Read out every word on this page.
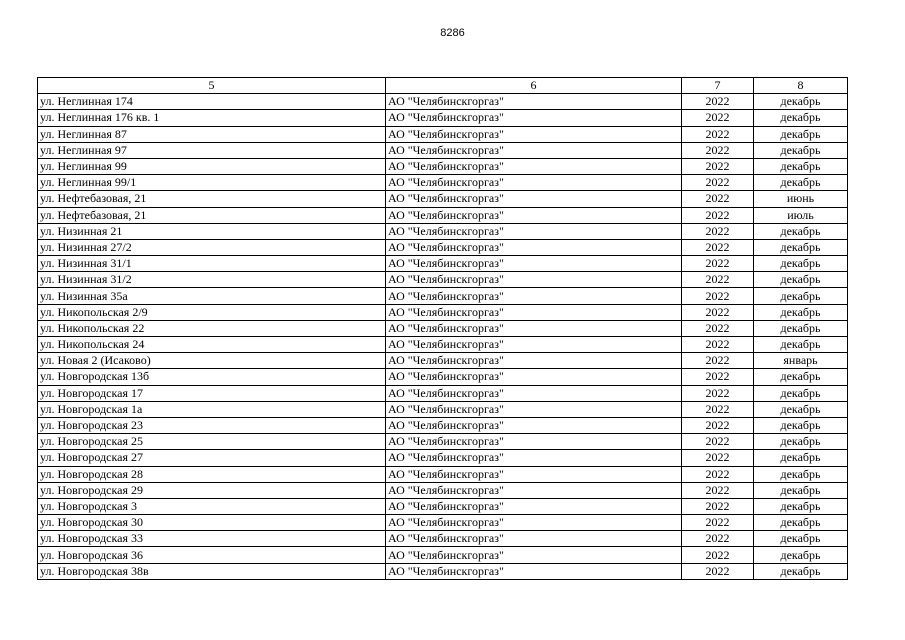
8286
5	6	7	8
ул. Неглинная 174	АО "Челябинскгоргаз"	2022	декабрь
ул. Неглинная 176 кв. 1	АО "Челябинскгоргаз"	2022	декабрь
ул. Неглинная 87	АО "Челябинскгоргаз"	2022	декабрь
ул. Неглинная 97	АО "Челябинскгоргаз"	2022	декабрь
ул. Неглинная 99	АО "Челябинскгоргаз"	2022	декабрь
ул. Неглинная 99/1	АО "Челябинскгоргаз"	2022	декабрь
ул. Нефтебазовая, 21	АО "Челябинскгоргаз"	2022	июнь
ул. Нефтебазовая, 21	АО "Челябинскгоргаз"	2022	июль
ул. Низинная 21	АО "Челябинскгоргаз"	2022	декабрь
ул. Низинная 27/2	АО "Челябинскгоргаз"	2022	декабрь
ул. Низинная 31/1	АО "Челябинскгоргаз"	2022	декабрь
ул. Низинная 31/2	АО "Челябинскгоргаз"	2022	декабрь
ул. Низинная 35а	АО "Челябинскгоргаз"	2022	декабрь
ул. Никопольская 2/9	АО "Челябинскгоргаз"	2022	декабрь
ул. Никопольская 22	АО "Челябинскгоргаз"	2022	декабрь
ул. Никопольская 24	АО "Челябинскгоргаз"	2022	декабрь
ул. Новая 2 (Исаково)	АО "Челябинскгоргаз"	2022	январь
ул. Новгородская 13б	АО "Челябинскгоргаз"	2022	декабрь
ул. Новгородская 17	АО "Челябинскгоргаз"	2022	декабрь
ул. Новгородская 1а	АО "Челябинскгоргаз"	2022	декабрь
ул. Новгородская 23	АО "Челябинскгоргаз"	2022	декабрь
ул. Новгородская 25	АО "Челябинскгоргаз"	2022	декабрь
ул. Новгородская 27	АО "Челябинскгоргаз"	2022	декабрь
ул. Новгородская 28	АО "Челябинскгоргаз"	2022	декабрь
ул. Новгородская 29	АО "Челябинскгоргаз"	2022	декабрь
ул. Новгородская 3	АО "Челябинскгоргаз"	2022	декабрь
ул. Новгородская 30	АО "Челябинскгоргаз"	2022	декабрь
ул. Новгородская 33	АО "Челябинскгоргаз"	2022	декабрь
ул. Новгородская 36	АО "Челябинскгоргаз"	2022	декабрь
ул. Новгородская 38в	АО "Челябинскгоргаз"	2022	декабрь
